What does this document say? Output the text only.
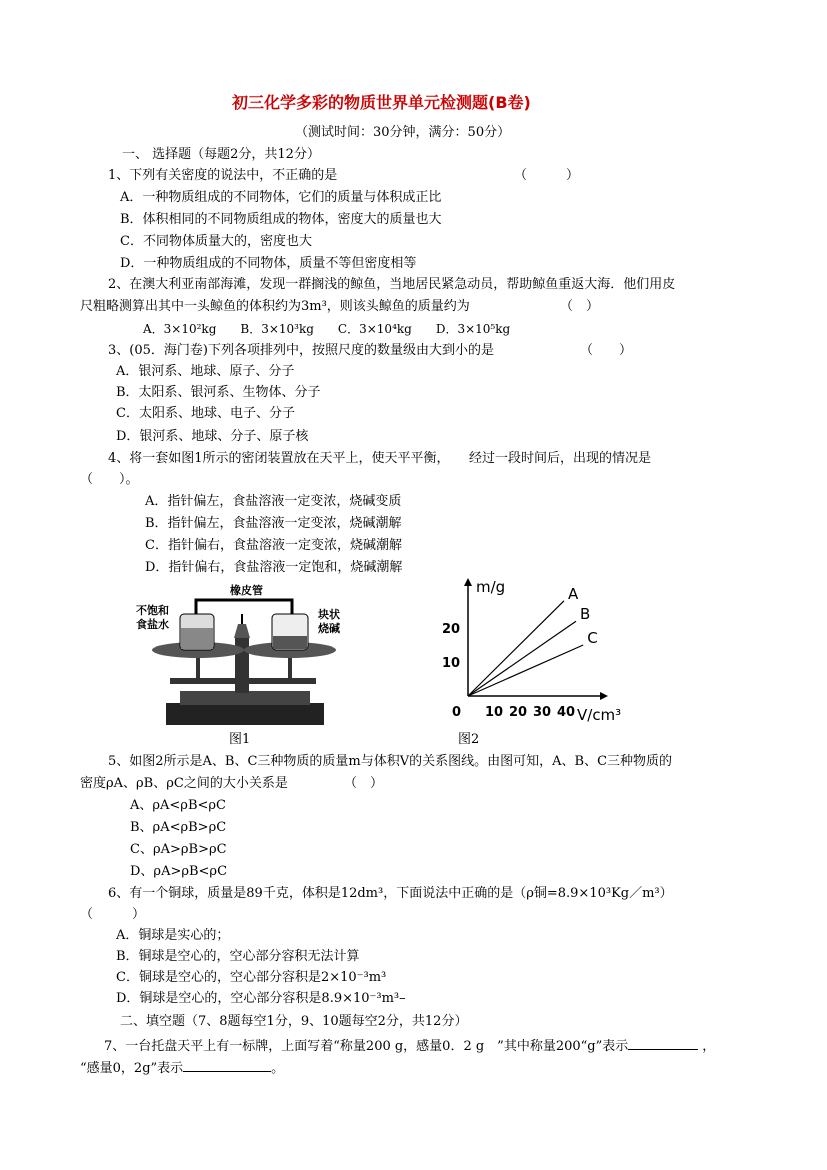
初三化学多彩的物质世界单元检测题(B卷)
（测试时间：30分钟，满分：50分）
一、 选择题（每题2分，共12分）
1、下列有关密度的说法中，不正确的是	（　　　）
A．一种物质组成的不同物体，它们的质量与体积成正比
B．体积相同的不同物质组成的物体，密度大的质量也大
C．不同物体质量大的，密度也大
D．一种物质组成的不同物体，质量不等但密度相等
2、在澳大利亚南部海滩，发现一群搁浅的鲸鱼，当地居民紧急动员，帮助鲸鱼重返大海．他们用皮
尺粗略测算出其中一头鲸鱼的体积约为3m³，则该头鲸鱼的质量约为	（　）
A．3×10²kg　　B．3×10³kg　　C．3×10⁴kg　　D．3×10⁵kg
3、(05．海门卷)下列各项排列中，按照尺度的数量级由大到小的是	（　　）
A．银河系、地球、原子、分子
B．太阳系、银河系、生物体、分子
C．太阳系、地球、电子、分子
D．银河系、地球、分子、原子核
4、将一套如图1所示的密闭装置放在天平上，使天平平衡，　　经过一段时间后，出现的情况是
（　　）。
A．指针偏左，食盐溶液一定变浓，烧碱变质
B．指针偏左，食盐溶液一定变浓，烧碱潮解
C．指针偏右，食盐溶液一定变浓，烧碱潮解
D．指针偏右，食盐溶液一定饱和，烧碱潮解
橡皮管
不饱和
食盐水
块状
烧碱
10 20 30 40
10
20
A
B
C
m/g
V/cm³
0
图1	图2
5、如图2所示是A、B、C三种物质的质量m与体积V的关系图线。由图可知，A、B、C三种物质的
密度ρA、ρB、ρC之间的大小关系是	（　）
A、ρA<ρB<ρC
B、ρA<ρB>ρC
C、ρA>ρB>ρC
D、ρA>ρB<ρC
6、有一个铜球，质量是89千克，体积是12dm³，下面说法中正确的是（ρ铜=8.9×10³Kg／m³）
（　　　）
A．铜球是实心的；
B．铜球是空心的，空心部分容积无法计算
C．铜球是空心的，空心部分容积是2×10⁻³m³
D．铜球是空心的，空心部分容积是8.9×10⁻³m³–
二、填空题（7、8题每空1分，9、10题每空2分，共12分）
7、一台托盘天平上有一标牌，上面写着“称量200 g，感量0．2 g　”其中称量200“g”表示	，
“感量0，2g”表示	。
